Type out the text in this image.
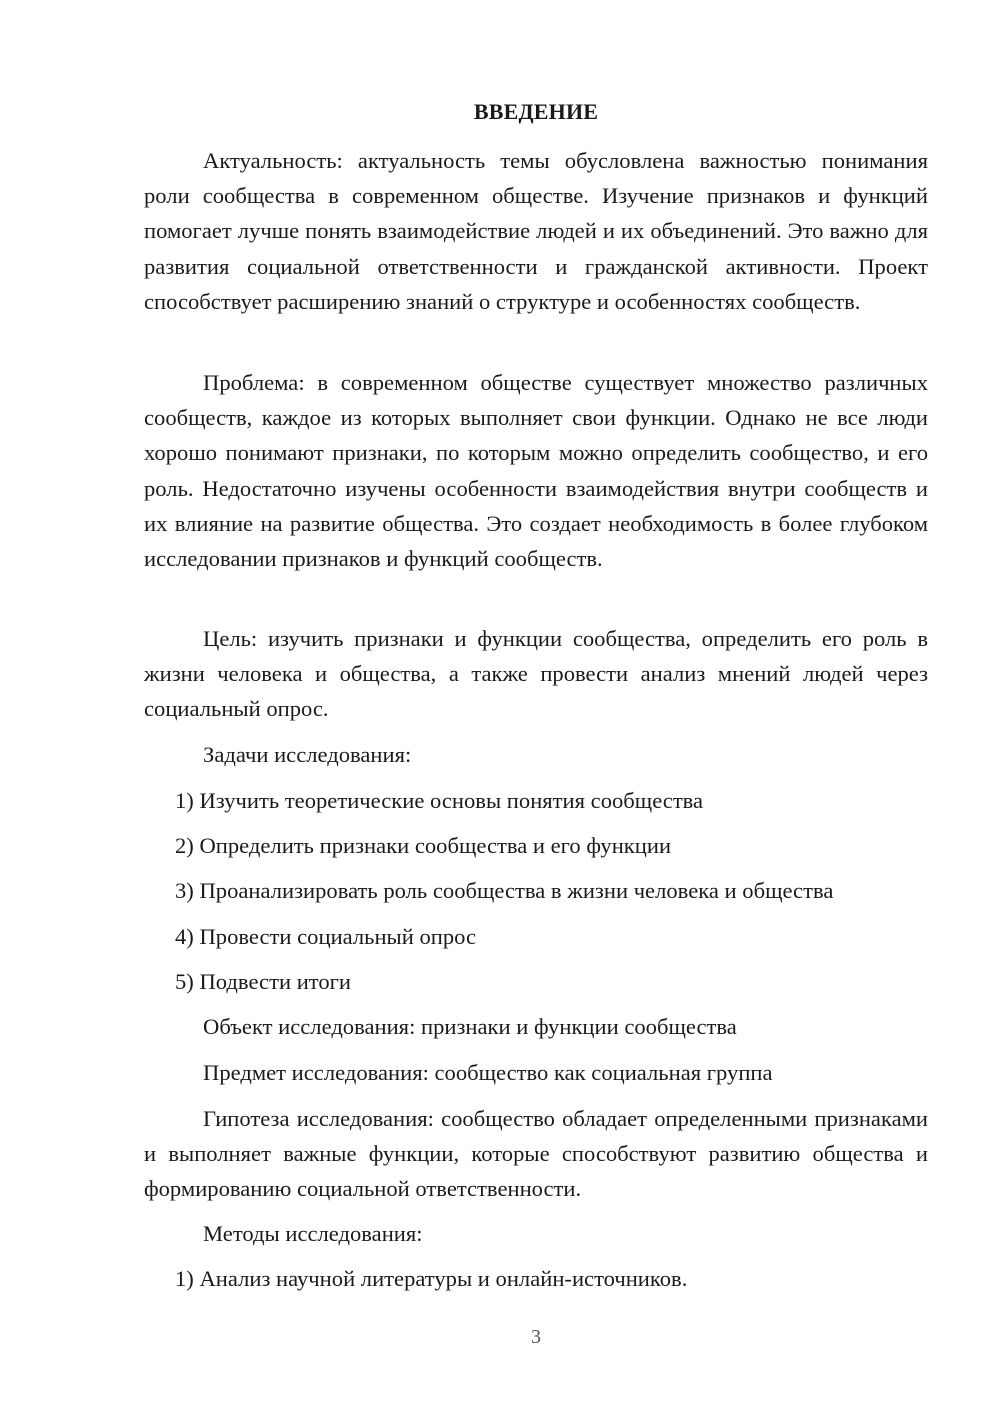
ВВЕДЕНИЕ

Актуальность: актуальность темы обусловлена важностью понимания роли сообщества в современном обществе. Изучение признаков и функций помогает лучше понять взаимодействие людей и их объединений. Это важно для развития социальной ответственности и гражданской активности. Проект способствует расширению знаний о структуре и особенностях сообществ.

Проблема: в современном обществе существует множество различных сообществ, каждое из которых выполняет свои функции. Однако не все люди хорошо понимают признаки, по которым можно определить сообщество, и его роль. Недостаточно изучены особенности взаимодействия внутри сообществ и их влияние на развитие общества. Это создает необходимость в более глубоком исследовании признаков и функций сообществ.

Цель: изучить признаки и функции сообщества, определить его роль в жизни человека и общества, а также провести анализ мнений людей через социальный опрос.

Задачи исследования:
1) Изучить теоретические основы понятия сообщества
2) Определить признаки сообщества и его функции
3) Проанализировать роль сообщества в жизни человека и общества
4) Провести социальный опрос
5) Подвести итоги
Объект исследования: признаки и функции сообщества
Предмет исследования: сообщество как социальная группа

Гипотеза исследования: сообщество обладает определенными признаками и выполняет важные функции, которые способствуют развитию общества и формированию социальной ответственности.

Методы исследования:
1) Анализ научной литературы и онлайн-источников.
3
